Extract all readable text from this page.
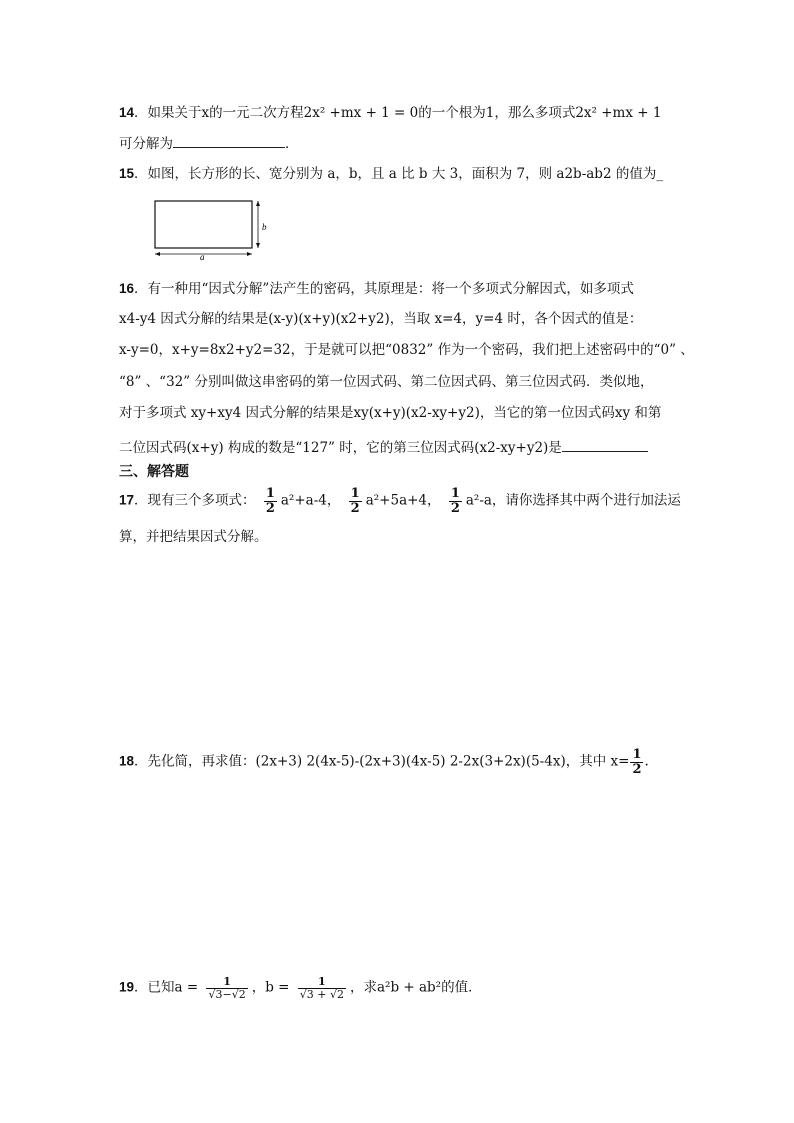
14．如果关于x的一元二次方程2x² +mx + 1 = 0的一个根为1，那么多项式2x² +mx + 1
可分解为	．
15．如图，长方形的长、宽分别为 a，b，且 a 比 b 大 3，面积为 7，则 a2b-ab2 的值为_
b
a
16．有一种用“因式分解”法产生的密码，其原理是：将一个多项式分解因式，如多项式
x4-y4 因式分解的结果是(x-y)(x+y)(x2+y2)，当取 x=4，y=4 时，各个因式的值是：
x-y=0，x+y=8x2+y2=32，于是就可以把“0832” 作为一个密码，我们把上述密码中的“0” 、
“8” 、“32” 分别叫做这串密码的第一位因式码、第二位因式码、第三位因式码．类似地，
对于多项式 xy+xy4 因式分解的结果是xy(x+y)(x2-xy+y2)，当它的第一位因式码xy 和第
二位因式码(x+y) 构成的数是“127” 时，它的第三位因式码(x2-xy+y2)是
三、解答题
17．现有三个多项式： $\frac{1}{2} a^2+a-4$， $\frac{1}{2} a^2+5a+4$， $\frac{1}{2} a^2-a$，请你选择其中两个进行加法运
算，并把结果因式分解。
18．先化简，再求值：(2x+3) 2(4x-5)-(2x+3)(4x-5) 2-2x(3+2x)(5-4x)，其中 $x= \frac{1}{2}$ .
19．已知$a = \frac{1}{√3-√2}$ ，$b = \frac{1}{√3 + √2}$ ，求a²b + ab²的值．
